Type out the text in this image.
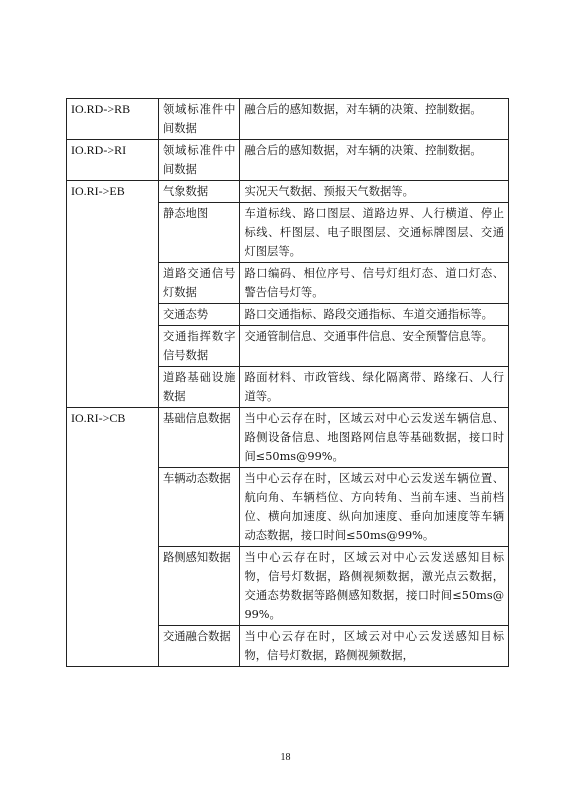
IO.RD->RB	领域标准件中间数据	融合后的感知数据，对车辆的决策、控制数据。
IO.RD->RI	领域标准件中间数据	融合后的感知数据，对车辆的决策、控制数据。
IO.RI->EB	气象数据	实况天气数据、预报天气数据等。
	静态地图	车道标线、路口图层、道路边界、人行横道、停止标线、杆图层、电子眼图层、交通标牌图层、交通灯图层等。
	道路交通信号灯数据	路口编码、相位序号、信号灯组灯态、道口灯态、警告信号灯等。
	交通态势	路口交通指标、路段交通指标、车道交通指标等。
	交通指挥数字信号数据	交通管制信息、交通事件信息、安全预警信息等。
	道路基础设施数据	路面材料、市政管线、绿化隔离带、路缘石、人行道等。
IO.RI->CB	基础信息数据	当中心云存在时，区域云对中心云发送车辆信息、路侧设备信息、地图路网信息等基础数据，接口时间≤50ms@99%。
	车辆动态数据	当中心云存在时，区域云对中心云发送车辆位置、航向角、车辆档位、方向转角、当前车速、当前档位、横向加速度、纵向加速度、垂向加速度等车辆动态数据，接口时间≤50ms@99%。
	路侧感知数据	当中心云存在时，区域云对中心云发送感知目标物，信号灯数据，路侧视频数据，激光点云数据，交通态势数据等路侧感知数据，接口时间≤50ms@99%。
	交通融合数据	当中心云存在时，区域云对中心云发送感知目标物，信号灯数据，路侧视频数据，
18
